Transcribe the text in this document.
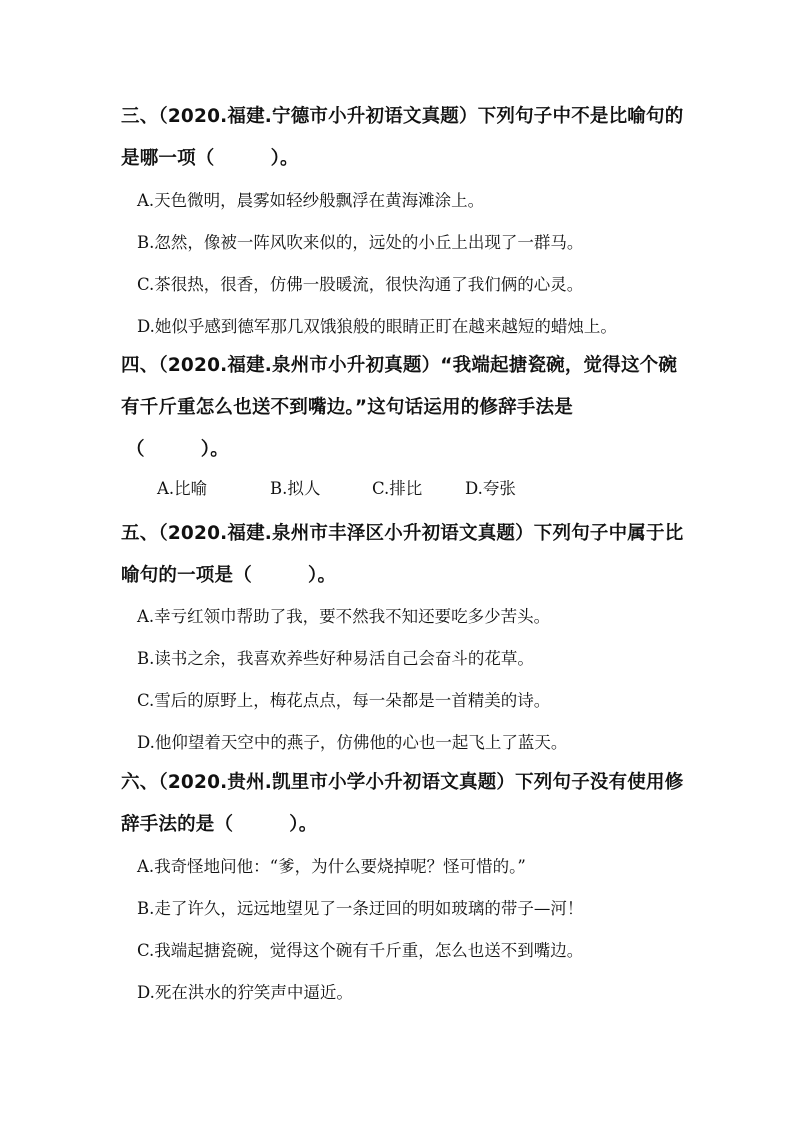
三、（2020.福建.宁德市小升初语文真题）下列句子中不是比喻句的
是哪一项（　　　）。
A.天色微明，晨雾如轻纱般飘浮在黄海滩涂上。
B.忽然，像被一阵风吹来似的，远处的小丘上出现了一群马。
C.茶很热，很香，仿佛一股暖流，很快沟通了我们俩的心灵。
D.她似乎感到德军那几双饿狼般的眼睛正盯在越来越短的蜡烛上。
四、（2020.福建.泉州市小升初真题）“我端起搪瓷碗，觉得这个碗
有千斤重怎么也送不到嘴边。”这句话运用的修辞手法是
（　　　）。
A.比喻	B.拟人	C.排比	D.夸张
五、（2020.福建.泉州市丰泽区小升初语文真题）下列句子中属于比
喻句的一项是（　　　）。
A.幸亏红领巾帮助了我，要不然我不知还要吃多少苦头。
B.读书之余，我喜欢养些好种易活自己会奋斗的花草。
C.雪后的原野上，梅花点点，每一朵都是一首精美的诗。
D.他仰望着天空中的燕子，仿佛他的心也一起飞上了蓝天。
六、（2020.贵州.凯里市小学小升初语文真题）下列句子没有使用修
辞手法的是（　　　）。
A.我奇怪地问他：“爹，为什么要烧掉呢？怪可惜的。”
B.走了许久，远远地望见了一条迂回的明如玻璃的带子—河！
C.我端起搪瓷碗，觉得这个碗有千斤重，怎么也送不到嘴边。
D.死在洪水的狞笑声中逼近。
